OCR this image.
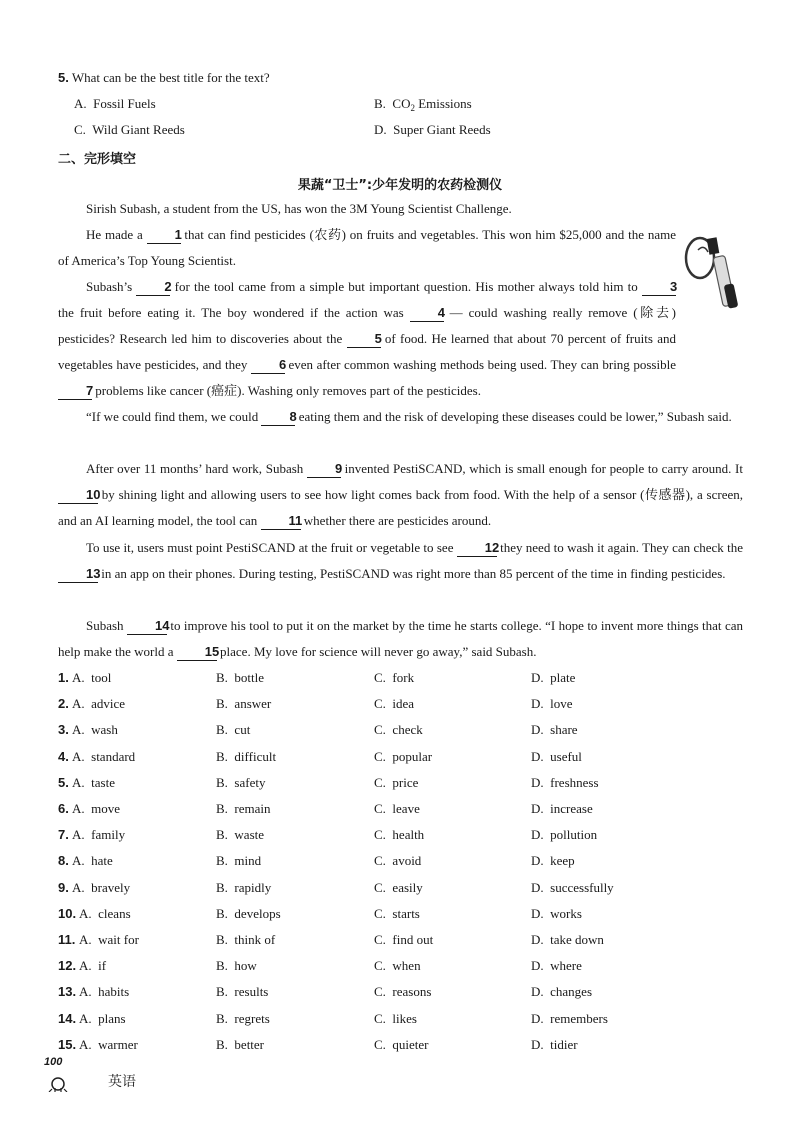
5. What can be the best title for the text?
A. Fossil Fuels	B. $CO_2$ Emissions
C. Wild Giant Reeds	D. Super Giant Reeds
二、完形填空
果蔬“卫士”:少年发明的农药检测仪
Sirish Subash, a student from the US, has won the 3M Young Scientist Challenge.
He made a 1 that can find pesticides (农药) on fruits and vegetables. This won him $25,000 and the name of America’s Top Young Scientist.
Subash’s 2 for the tool came from a simple but important question. His mother always told him to 3 the fruit before eating it. The boy wondered if the action was 4 — could washing really remove (除去) pesticides? Research led him to discoveries about the 5 of food. He learned that about 70 percent of fruits and vegetables have pesticides, and they 6 even after common washing methods being used. They can bring possible 7 problems like cancer (癌症). Washing only removes part of the pesticides.
“If we could find them, we could 8 eating them and the risk of developing these diseases could be lower,” Subash said.
After over 11 months’ hard work, Subash 9 invented PestiSCAND, which is small enough for people to carry around. It 10 by shining light and allowing users to see how light comes back from food. With the help of a sensor (传感器), a screen, and an AI learning model, the tool can 11 whether there are pesticides around.
To use it, users must point PestiSCAND at the fruit or vegetable to see 12 they need to wash it again. They can check the 13 in an app on their phones. During testing, PestiSCAND was right more than 85 percent of the time in finding pesticides.
Subash 14 to improve his tool to put it on the market by the time he starts college. “I hope to invent more things that can help make the world a 15 place. My love for science will never go away,” said Subash.
1. A. tool	B. bottle	C. fork	D. plate
2. A. advice	B. answer	C. idea	D. love
3. A. wash	B. cut	C. check	D. share
4. A. standard	B. difficult	C. popular	D. useful
5. A. taste	B. safety	C. price	D. freshness
6. A. move	B. remain	C. leave	D. increase
7. A. family	B. waste	C. health	D. pollution
8. A. hate	B. mind	C. avoid	D. keep
9. A. bravely	B. rapidly	C. easily	D. successfully
10. A. cleans	B. develops	C. starts	D. works
11. A. wait for	B. think of	C. find out	D. take down
12. A. if	B. how	C. when	D. where
13. A. habits	B. results	C. reasons	D. changes
14. A. plans	B. regrets	C. likes	D. remembers
15. A. warmer	B. better	C. quieter	D. tidier
100
英语
